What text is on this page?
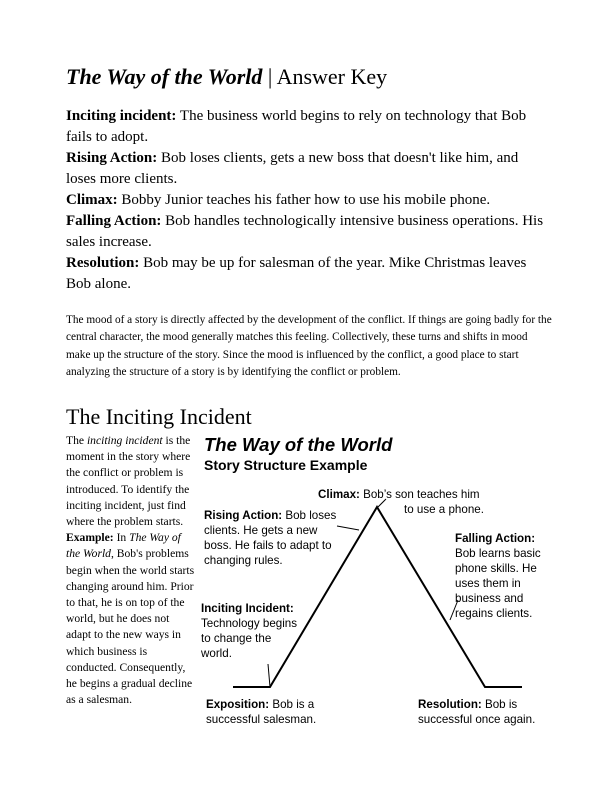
The Way of the World | Answer Key

Inciting incident: The business world begins to rely on technology that Bob fails to adopt.

Rising Action: Bob loses clients, gets a new boss that doesn't like him, and loses more clients.

Climax: Bobby Junior teaches his father how to use his mobile phone.

Falling Action: Bob handles technologically intensive business operations. His sales increase.

Resolution: Bob may be up for salesman of the year. Mike Christmas leaves Bob alone.

The mood of a story is directly affected by the development of the conflict. If things are going badly for the central character, the mood generally matches this feeling. Collectively, these turns and shifts in mood make up the structure of the story. Since the mood is influenced by the conflict, a good place to start analyzing the structure of a story is by identifying the conflict or problem.
The Inciting Incident
The inciting incident is the moment in the story where the conflict or problem is introduced. To identify the inciting incident, just find where the problem starts. Example: In The Way of the World, Bob's problems begin when the world starts changing around him. Prior to that, he is on top of the world, but he does not adapt to the new ways in which business is conducted. Consequently, he begins a gradual decline as a salesman.
The Way of the World
Story Structure Example
Climax: Bob’s son teaches him
to use a phone.
Rising Action: Bob loses clients. He gets a new boss. He fails to adapt to changing rules.
Falling Action:
Bob learns basic phone skills. He uses them in business and regains clients.
Inciting Incident:
Technology begins to change the world.
Exposition: Bob is a successful salesman.
Resolution: Bob is successful once again.
